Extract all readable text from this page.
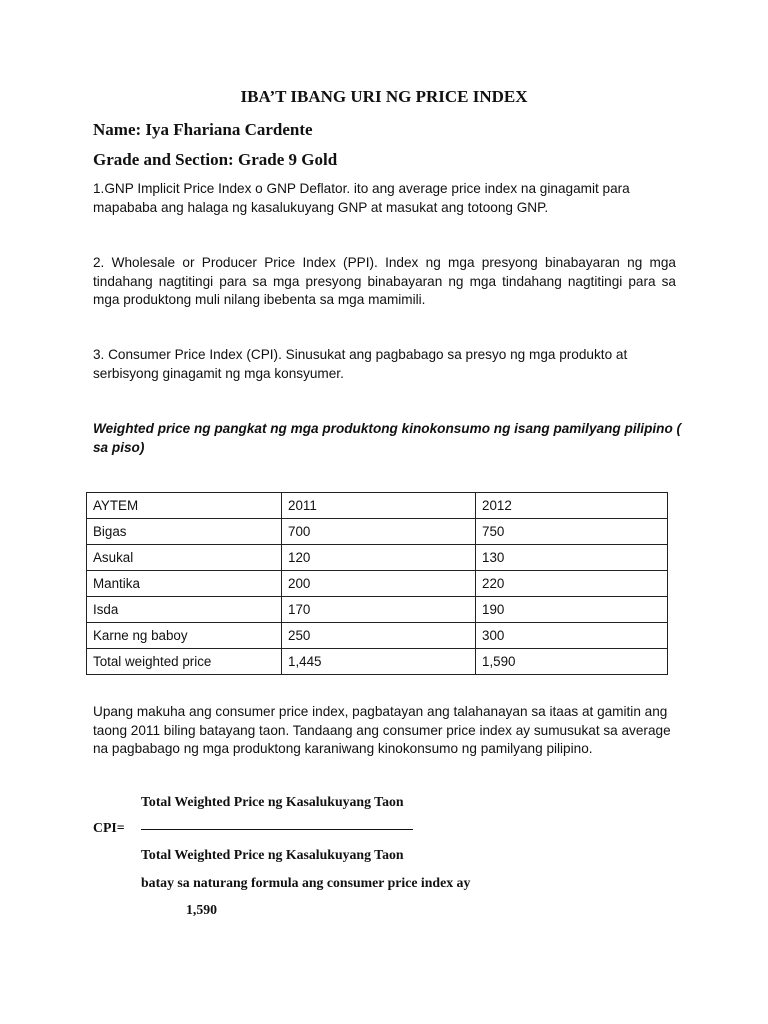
IBA’T IBANG URI NG PRICE INDEX
Name: Iya Fhariana Cardente
Grade and Section: Grade 9 Gold
1.GNP Implicit Price Index o GNP Deflator. ito ang average price index na ginagamit para mapababa ang halaga ng kasalukuyang GNP at masukat ang totoong GNP.
2. Wholesale or Producer Price Index (PPI). Index ng mga presyong binabayaran ng mga tindahang nagtitingi para sa mga presyong binabayaran ng mga tindahang nagtitingi para sa mga produktong muli nilang ibebenta sa mga mamimili.
3. Consumer Price Index (CPI). Sinusukat ang pagbabago sa presyo ng mga produkto at serbisyong ginagamit ng mga konsyumer.
Weighted price ng pangkat ng mga produktong kinokonsumo ng isang pamilyang pilipino ( sa piso)
AYTEM	2011	2012
Bigas	700	750
Asukal	120	130
Mantika	200	220
Isda	170	190
Karne ng baboy	250	300
Total weighted price	1,445	1,590
Upang makuha ang consumer price index, pagbatayan ang talahanayan sa itaas at gamitin ang taong 2011 biling batayang taon. Tandaang ang consumer price index ay sumusukat sa average na pagbabago ng mga produktong karaniwang kinokonsumo ng pamilyang pilipino.
Total Weighted Price ng Kasalukuyang Taon
CPI=
Total Weighted Price ng Kasalukuyang Taon
batay sa naturang formula ang consumer price index ay
1,590
